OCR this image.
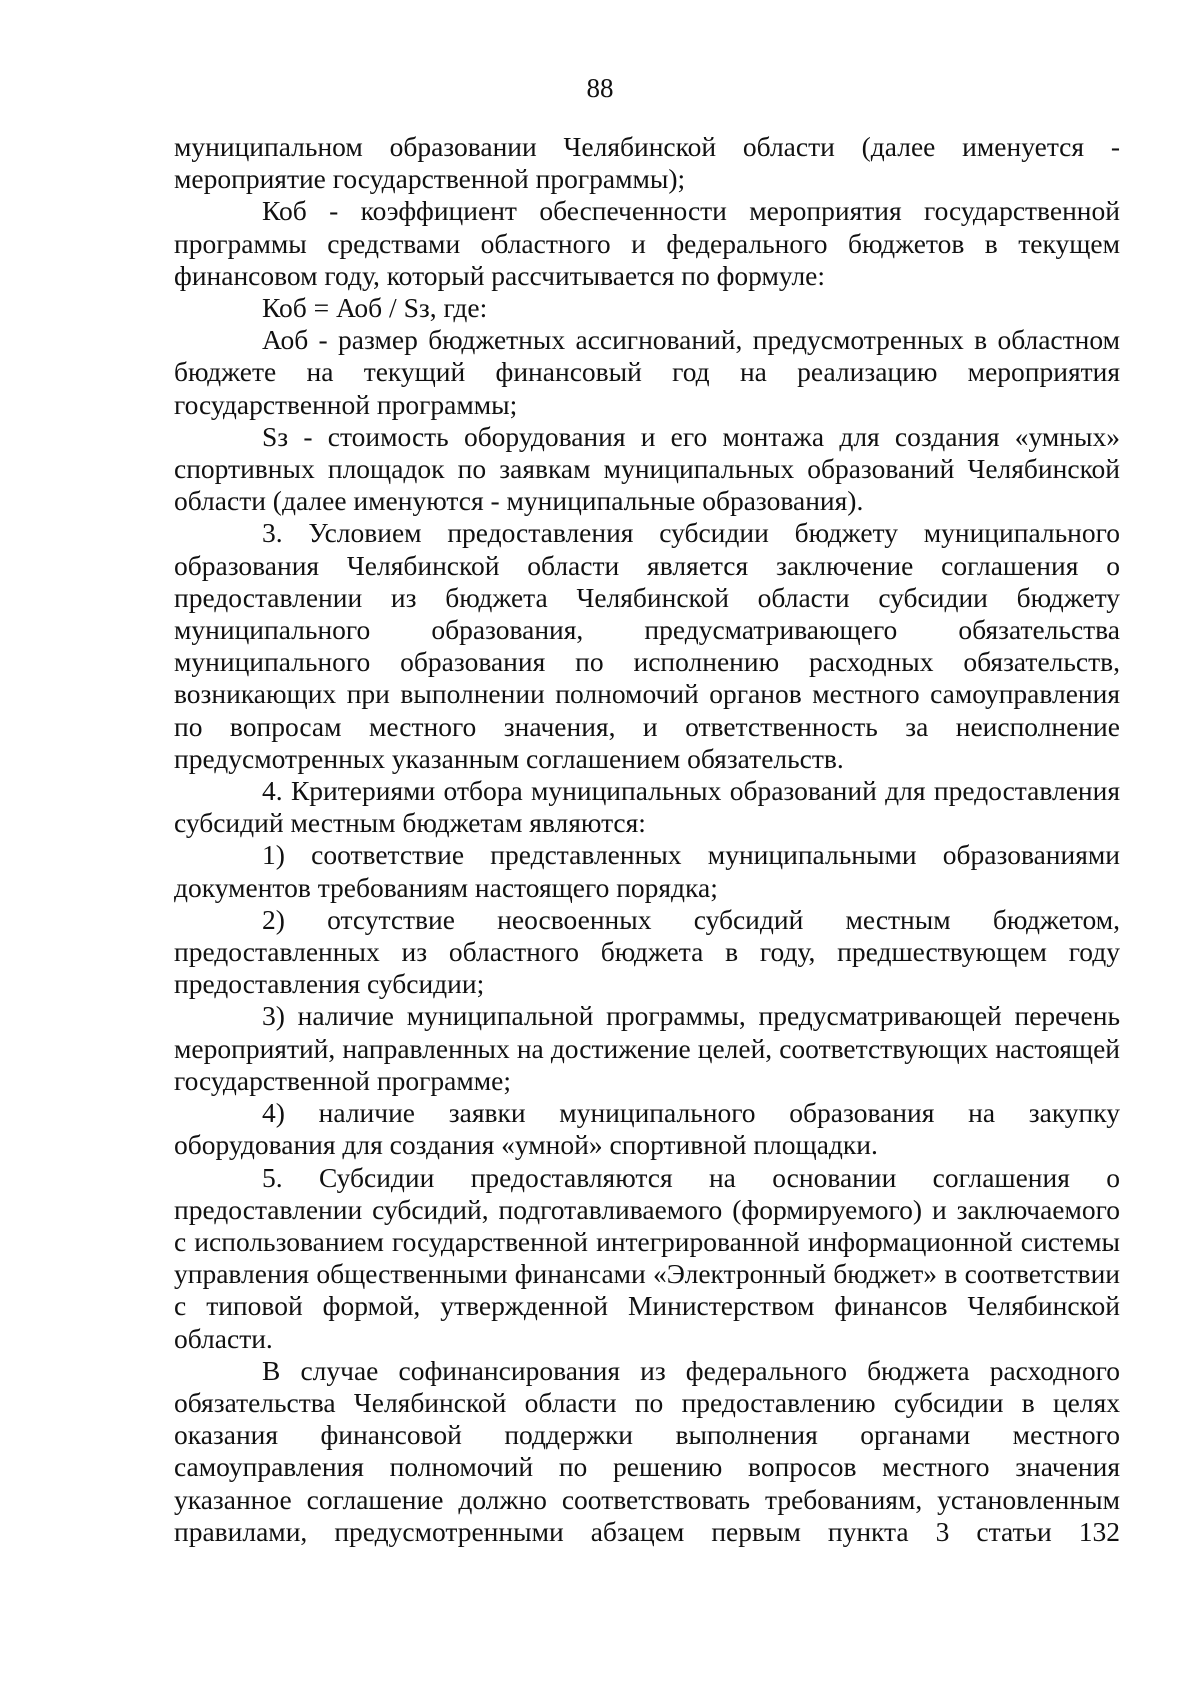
88

муниципальном образовании Челябинской области (далее именуется - мероприятие государственной программы);

Коб - коэффициент обеспеченности мероприятия государственной программы средствами областного и федерального бюджетов в текущем финансовом году, который рассчитывается по формуле:

Коб = Аоб / Sз, где:

Аоб - размер бюджетных ассигнований, предусмотренных в областном бюджете на текущий финансовый год на реализацию мероприятия государственной программы;

Sз - стоимость оборудования и его монтажа для создания «умных» спортивных площадок по заявкам муниципальных образований Челябинской области (далее именуются - муниципальные образования).

3. Условием предоставления субсидии бюджету муниципального образования Челябинской области является заключение соглашения о предоставлении из бюджета Челябинской области субсидии бюджету муниципального образования, предусматривающего обязательства муниципального образования по исполнению расходных обязательств, возникающих при выполнении полномочий органов местного самоуправления по вопросам местного значения, и ответственность за неисполнение предусмотренных указанным соглашением обязательств.

4. Критериями отбора муниципальных образований для предоставления субсидий местным бюджетам являются:

1) соответствие представленных муниципальными образованиями документов требованиям настоящего порядка;

2) отсутствие неосвоенных субсидий местным бюджетом, предоставленных из областного бюджета в году, предшествующем году предоставления субсидии;

3) наличие муниципальной программы, предусматривающей перечень мероприятий, направленных на достижение целей, соответствующих настоящей государственной программе;

4) наличие заявки муниципального образования на закупку оборудования для создания «умной» спортивной площадки.

5. Субсидии предоставляются на основании соглашения о предоставлении субсидий, подготавливаемого (формируемого) и заключаемого с использованием государственной интегрированной информационной системы управления общественными финансами «Электронный бюджет» в соответствии с типовой формой, утвержденной Министерством финансов Челябинской области.

В случае софинансирования из федерального бюджета расходного обязательства Челябинской области по предоставлению субсидии в целях оказания финансовой поддержки выполнения органами местного самоуправления полномочий по решению вопросов местного значения указанное соглашение должно соответствовать требованиям, установленным правилами, предусмотренными абзацем первым пункта 3 статьи 132
